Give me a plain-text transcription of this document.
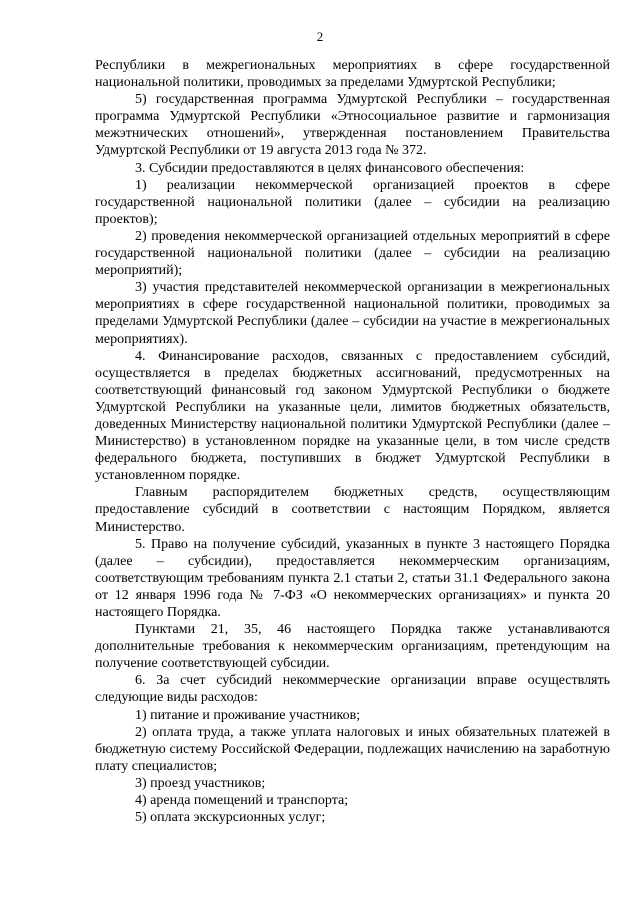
2

Республики в межрегиональных мероприятиях в сфере государственной национальной политики, проводимых за пределами Удмуртской Республики;

5) государственная программа Удмуртской Республики – государственная программа Удмуртской Республики «Этносоциальное развитие и гармонизация межэтнических отношений», утвержденная постановлением Правительства Удмуртской Республики от 19 августа 2013 года № 372.

3. Субсидии предоставляются в целях финансового обеспечения:

1) реализации некоммерческой организацией проектов в сфере государственной национальной политики (далее – субсидии на реализацию проектов);

2) проведения некоммерческой организацией отдельных мероприятий в сфере государственной национальной политики (далее – субсидии на реализацию мероприятий);

3) участия представителей некоммерческой организации в межрегиональных мероприятиях в сфере государственной национальной политики, проводимых за пределами Удмуртской Республики (далее – субсидии на участие в межрегиональных мероприятиях).

4. Финансирование расходов, связанных с предоставлением субсидий, осуществляется в пределах бюджетных ассигнований, предусмотренных на соответствующий финансовый год законом Удмуртской Республики о бюджете Удмуртской Республики на указанные цели, лимитов бюджетных обязательств, доведенных Министерству национальной политики Удмуртской Республики (далее – Министерство) в установленном порядке на указанные цели, в том числе средств федерального бюджета, поступивших в бюджет Удмуртской Республики в установленном порядке.

Главным распорядителем бюджетных средств, осуществляющим предоставление субсидий в соответствии с настоящим Порядком, является Министерство.

5. Право на получение субсидий, указанных в пункте 3 настоящего Порядка (далее – субсидии), предоставляется некоммерческим организациям, соответствующим требованиям пункта 2.1 статьи 2, статьи 31.1 Федерального закона от 12 января 1996 года № 7-ФЗ «О некоммерческих организациях» и пункта 20 настоящего Порядка.

Пунктами 21, 35, 46 настоящего Порядка также устанавливаются дополнительные требования к некоммерческим организациям, претендующим на получение соответствующей субсидии.

6. За счет субсидий некоммерческие организации вправе осуществлять следующие виды расходов:

1) питание и проживание участников;

2) оплата труда, а также уплата налоговых и иных обязательных платежей в бюджетную систему Российской Федерации, подлежащих начислению на заработную плату специалистов;

3) проезд участников;

4) аренда помещений и транспорта;

5) оплата экскурсионных услуг;
